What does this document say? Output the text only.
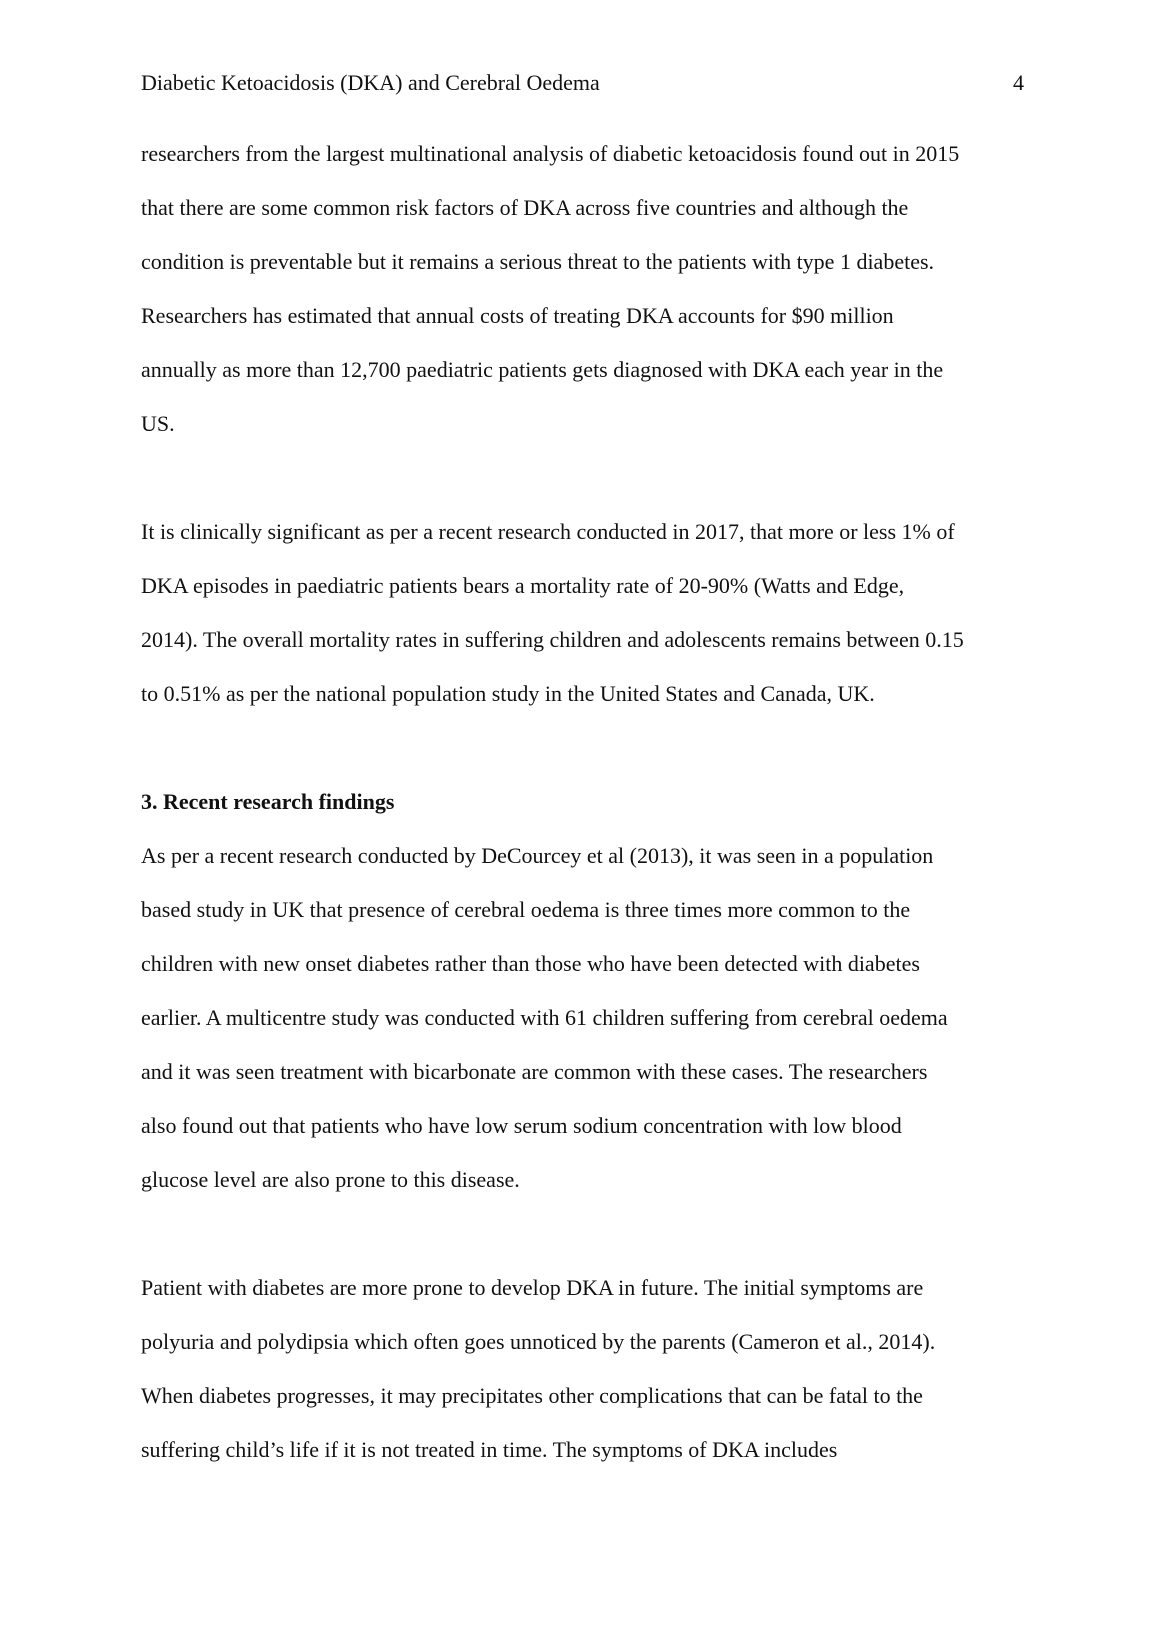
Diabetic Ketoacidosis (DKA) and Cerebral Oedema	4
researchers from the largest multinational analysis of diabetic ketoacidosis found out in 2015
that there are some common risk factors of DKA across five countries and although the
condition is preventable but it remains a serious threat to the patients with type 1 diabetes.
Researchers has estimated that annual costs of treating DKA accounts for $90 million
annually as more than 12,700 paediatric patients gets diagnosed with DKA each year in the
US.
It is clinically significant as per a recent research conducted in 2017, that more or less 1% of
DKA episodes in paediatric patients bears a mortality rate of 20-90% (Watts and Edge,
2014). The overall mortality rates in suffering children and adolescents remains between 0.15
to 0.51% as per the national population study in the United States and Canada, UK.
3. Recent research findings
As per a recent research conducted by DeCourcey et al (2013), it was seen in a population
based study in UK that presence of cerebral oedema is three times more common to the
children with new onset diabetes rather than those who have been detected with diabetes
earlier. A multicentre study was conducted with 61 children suffering from cerebral oedema
and it was seen treatment with bicarbonate are common with these cases. The researchers
also found out that patients who have low serum sodium concentration with low blood
glucose level are also prone to this disease.
Patient with diabetes are more prone to develop DKA in future. The initial symptoms are
polyuria and polydipsia which often goes unnoticed by the parents (Cameron et al., 2014).
When diabetes progresses, it may precipitates other complications that can be fatal to the
suffering child’s life if it is not treated in time. The symptoms of DKA includes
